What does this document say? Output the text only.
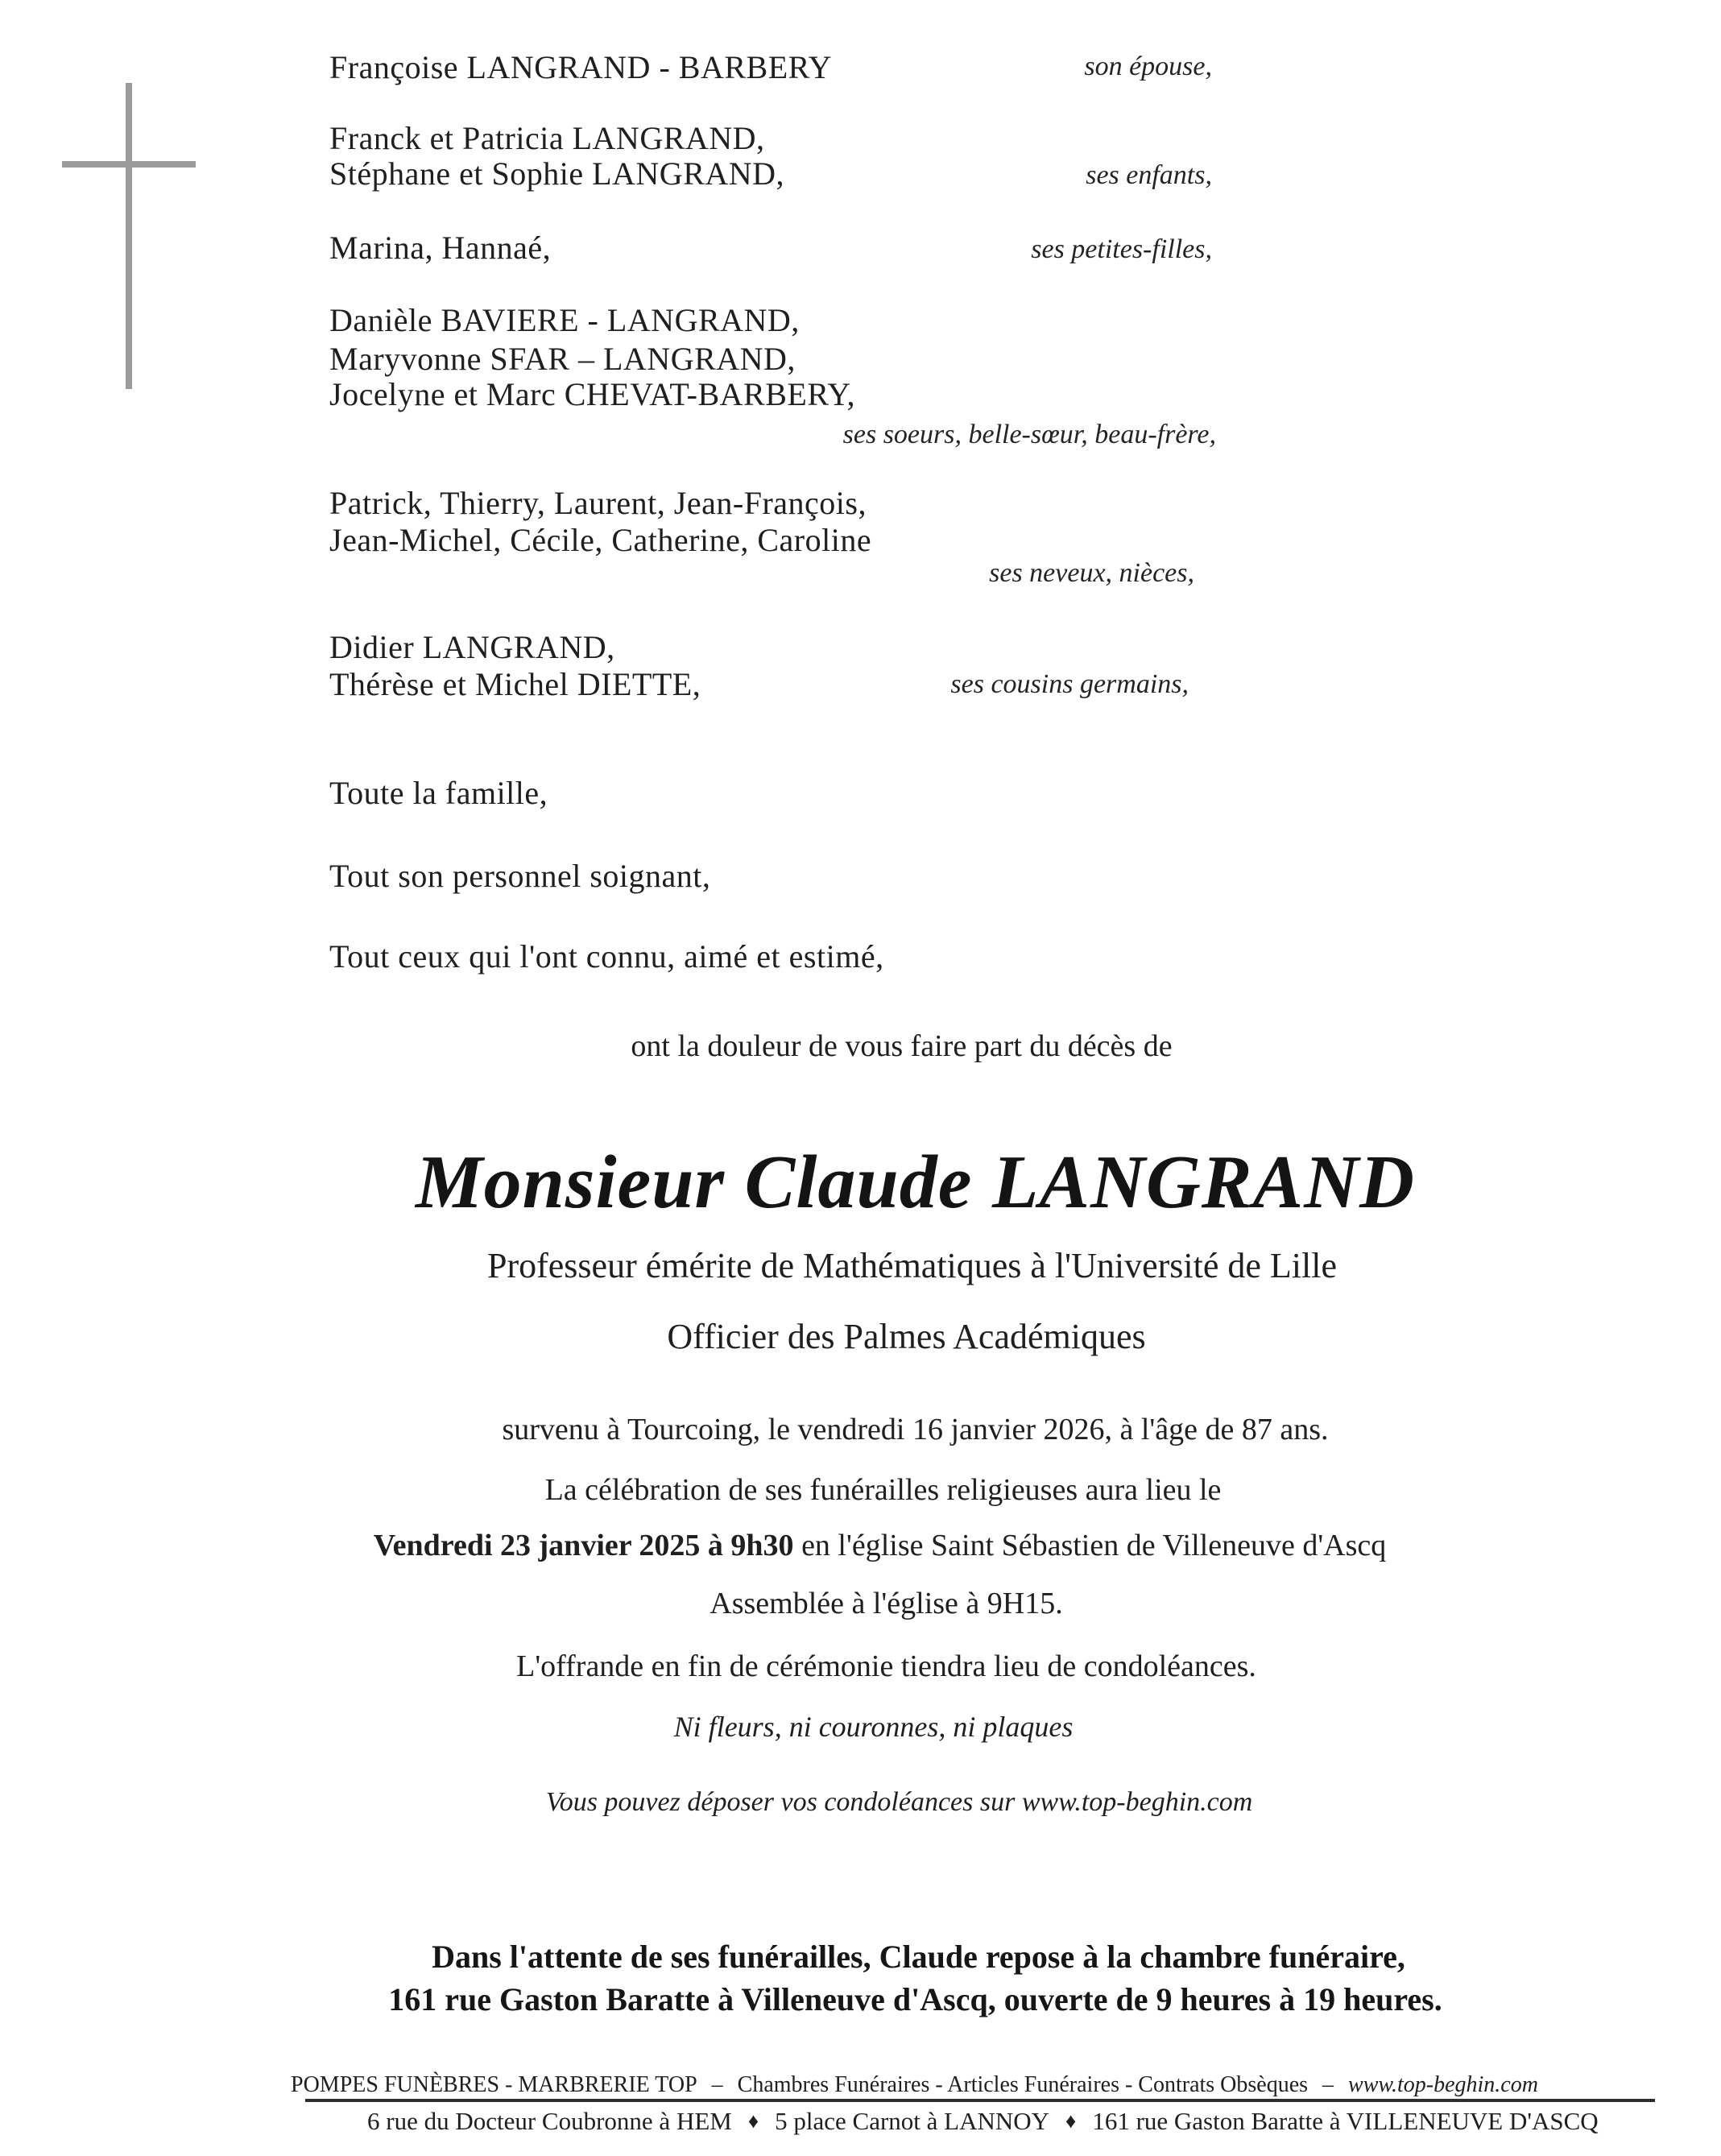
Françoise LANGRAND - BARBERY
Franck et Patricia LANGRAND,
Stéphane et Sophie LANGRAND,
Marina, Hannaé,
Danièle BAVIERE - LANGRAND,
Maryvonne SFAR – LANGRAND,
Jocelyne et Marc CHEVAT-BARBERY,
Patrick, Thierry, Laurent, Jean-François,
Jean-Michel, Cécile, Catherine, Caroline
Didier LANGRAND,
Thérèse et Michel DIETTE,
son épouse,
ses enfants,
ses petites-filles,
ses soeurs, belle-sœur, beau-frère,
ses neveux, nièces,
ses cousins germains,
Toute la famille,
Tout son personnel soignant,
Tout ceux qui l'ont connu, aimé et estimé,
ont la douleur de vous faire part du décès de
Monsieur Claude LANGRAND
Professeur émérite de Mathématiques à l'Université de Lille
Officier des Palmes Académiques
survenu à Tourcoing, le vendredi 16 janvier 2026, à l'âge de 87 ans.
La célébration de ses funérailles religieuses aura lieu le
Vendredi 23 janvier 2025 à 9h30 en l'église Saint Sébastien de Villeneuve d'Ascq
Assemblée à l'église à 9H15.
L'offrande en fin de cérémonie tiendra lieu de condoléances.
Ni fleurs, ni couronnes, ni plaques
Vous pouvez déposer vos condoléances sur www.top-beghin.com
Dans l'attente de ses funérailles, Claude repose à la chambre funéraire,
161 rue Gaston Baratte à Villeneuve d'Ascq, ouverte de 9 heures à 19 heures.
POMPES FUNÈBRES - MARBRERIE TOP – Chambres Funéraires - Articles Funéraires - Contrats Obsèques – www.top-beghin.com
6 rue du Docteur Coubronne à HEM ♦ 5 place Carnot à LANNOY ♦ 161 rue Gaston Baratte à VILLENEUVE D'ASCQ
